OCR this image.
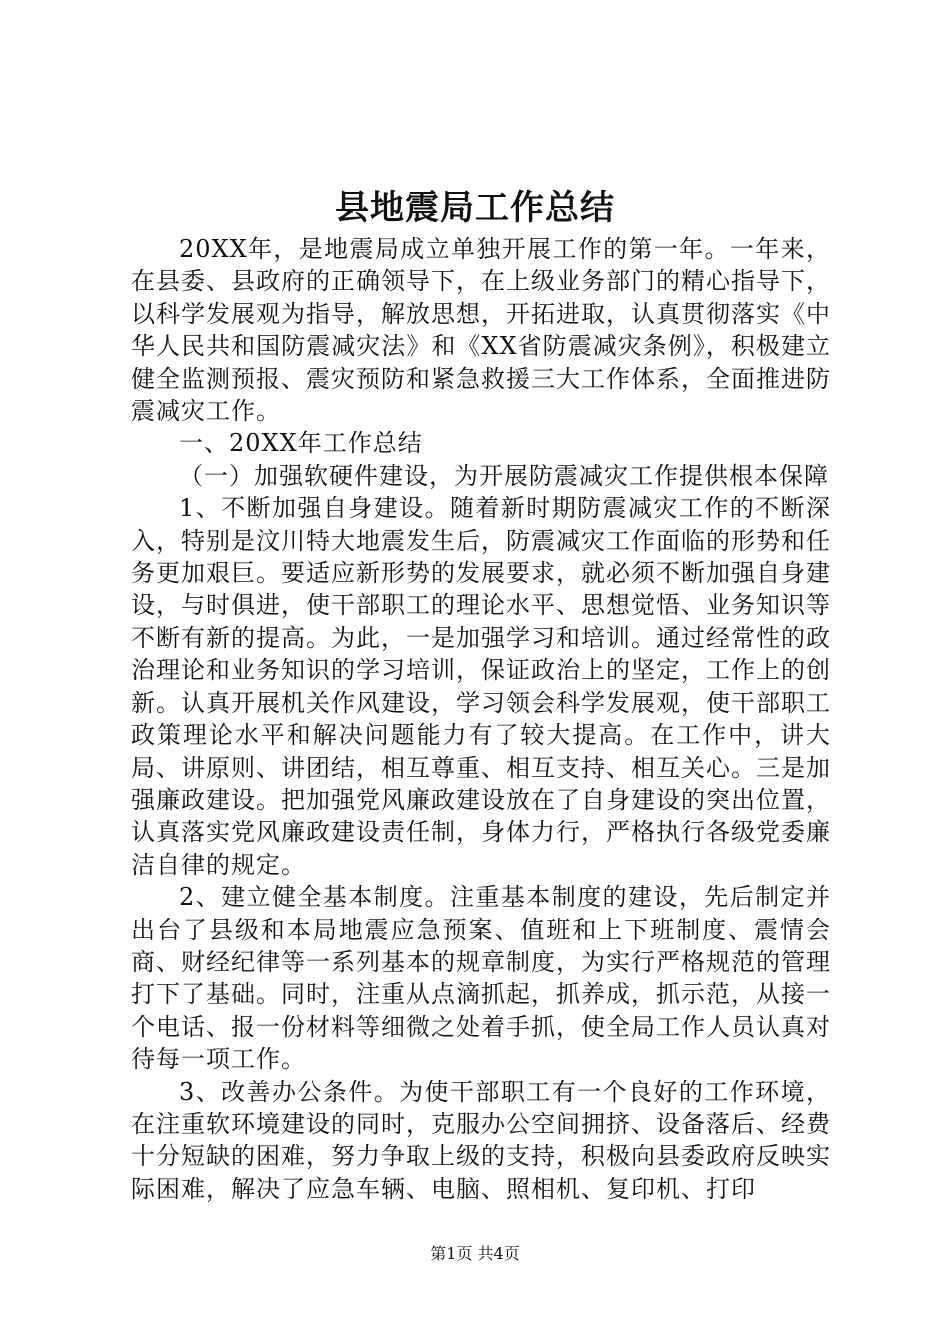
县地震局工作总结

20XX年，是地震局成立单独开展工作的第一年。一年来，在县委、县政府的正确领导下，在上级业务部门的精心指导下，以科学发展观为指导，解放思想，开拓进取，认真贯彻落实《中华人民共和国防震减灾法》和《XX省防震减灾条例》，积极建立健全监测预报、震灾预防和紧急救援三大工作体系，全面推进防震减灾工作。

一、20XX年工作总结

（一）加强软硬件建设，为开展防震减灾工作提供根本保障

1、不断加强自身建设。随着新时期防震减灾工作的不断深入，特别是汶川特大地震发生后，防震减灾工作面临的形势和任务更加艰巨。要适应新形势的发展要求，就必须不断加强自身建设，与时俱进，使干部职工的理论水平、思想觉悟、业务知识等不断有新的提高。为此，一是加强学习和培训。通过经常性的政治理论和业务知识的学习培训，保证政治上的坚定，工作上的创新。认真开展机关作风建设，学习领会科学发展观，使干部职工政策理论水平和解决问题能力有了较大提高。在工作中，讲大局、讲原则、讲团结，相互尊重、相互支持、相互关心。三是加强廉政建设。把加强党风廉政建设放在了自身建设的突出位置，认真落实党风廉政建设责任制，身体力行，严格执行各级党委廉洁自律的规定。

2、建立健全基本制度。注重基本制度的建设，先后制定并出台了县级和本局地震应急预案、值班和上下班制度、震情会商、财经纪律等一系列基本的规章制度，为实行严格规范的管理打下了基础。同时，注重从点滴抓起，抓养成，抓示范，从接一个电话、报一份材料等细微之处着手抓，使全局工作人员认真对待每一项工作。

3、改善办公条件。为使干部职工有一个良好的工作环境，在注重软环境建设的同时，克服办公空间拥挤、设备落后、经费十分短缺的困难，努力争取上级的支持，积极向县委政府反映实际困难，解决了应急车辆、电脑、照相机、复印机、打印

第1页 共4页
